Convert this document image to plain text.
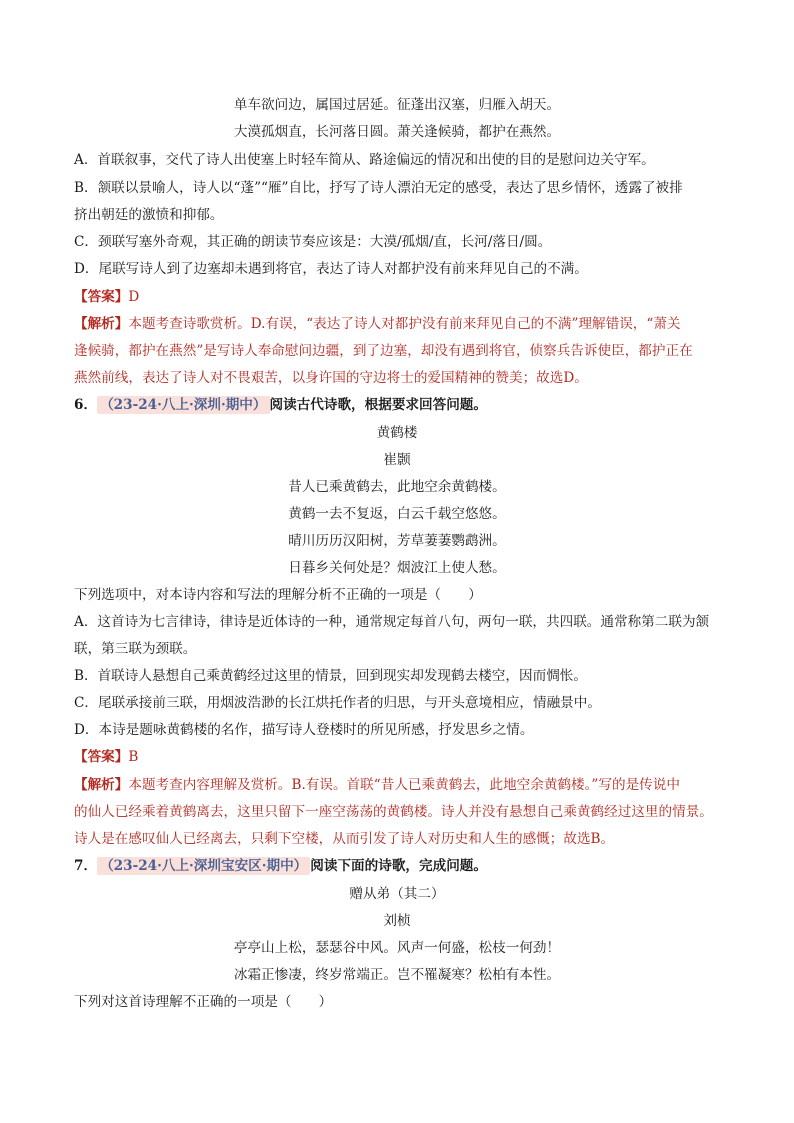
单车欲问边，属国过居延。征蓬出汉塞，归雁入胡天。
大漠孤烟直，长河落日圆。萧关逢候骑，都护在燕然。
A．首联叙事，交代了诗人出使塞上时轻车简从、路途偏远的情况和出使的目的是慰问边关守军。
B．颔联以景喻人，诗人以“蓬”“雁”自比，抒写了诗人漂泊无定的感受，表达了思乡情怀，透露了被排
挤出朝廷的激愤和抑郁。
C．颈联写塞外奇观，其正确的朗读节奏应该是：大漠/孤烟/直，长河/落日/圆。
D．尾联写诗人到了边塞却未遇到将官，表达了诗人对都护没有前来拜见自己的不满。
【答案】D
【解析】本题考查诗歌赏析。D.有误，“表达了诗人对都护没有前来拜见自己的不满”理解错误，“萧关
逢候骑，都护在燕然”是写诗人奉命慰问边疆，到了边塞，却没有遇到将官，侦察兵告诉使臣，都护正在
燕然前线，表达了诗人对不畏艰苦，以身许国的守边将士的爱国精神的赞美；故选D。
6． （23-24·八上·深圳·期中） 阅读古代诗歌，根据要求回答问题。
黄鹤楼
崔颢
昔人已乘黄鹤去，此地空余黄鹤楼。
黄鹤一去不复返，白云千载空悠悠。
晴川历历汉阳树，芳草萋萋鹦鹉洲。
日暮乡关何处是？烟波江上使人愁。
下列选项中，对本诗内容和写法的理解分析不正确的一项是（　　）
A．这首诗为七言律诗，律诗是近体诗的一种，通常规定每首八句，两句一联，共四联。通常称第二联为颔
联，第三联为颈联。
B．首联诗人悬想自己乘黄鹤经过这里的情景，回到现实却发现鹤去楼空，因而惆怅。
C．尾联承接前三联，用烟波浩渺的长江烘托作者的归思，与开头意境相应，情融景中。
D．本诗是题咏黄鹤楼的名作，描写诗人登楼时的所见所感，抒发思乡之情。
【答案】B
【解析】本题考查内容理解及赏析。B.有误。首联“昔人已乘黄鹤去，此地空余黄鹤楼。”写的是传说中
的仙人已经乘着黄鹤离去，这里只留下一座空荡荡的黄鹤楼。诗人并没有悬想自己乘黄鹤经过这里的情景。
诗人是在感叹仙人已经离去，只剩下空楼，从而引发了诗人对历史和人生的感慨；故选B。
7． （23-24·八上·深圳宝安区·期中） 阅读下面的诗歌，完成问题。
赠从弟（其二）
刘桢
亭亭山上松，瑟瑟谷中风。风声一何盛，松枝一何劲！
冰霜正惨凄，终岁常端正。岂不罹凝寒？松柏有本性。
下列对这首诗理解不正确的一项是（　　）
